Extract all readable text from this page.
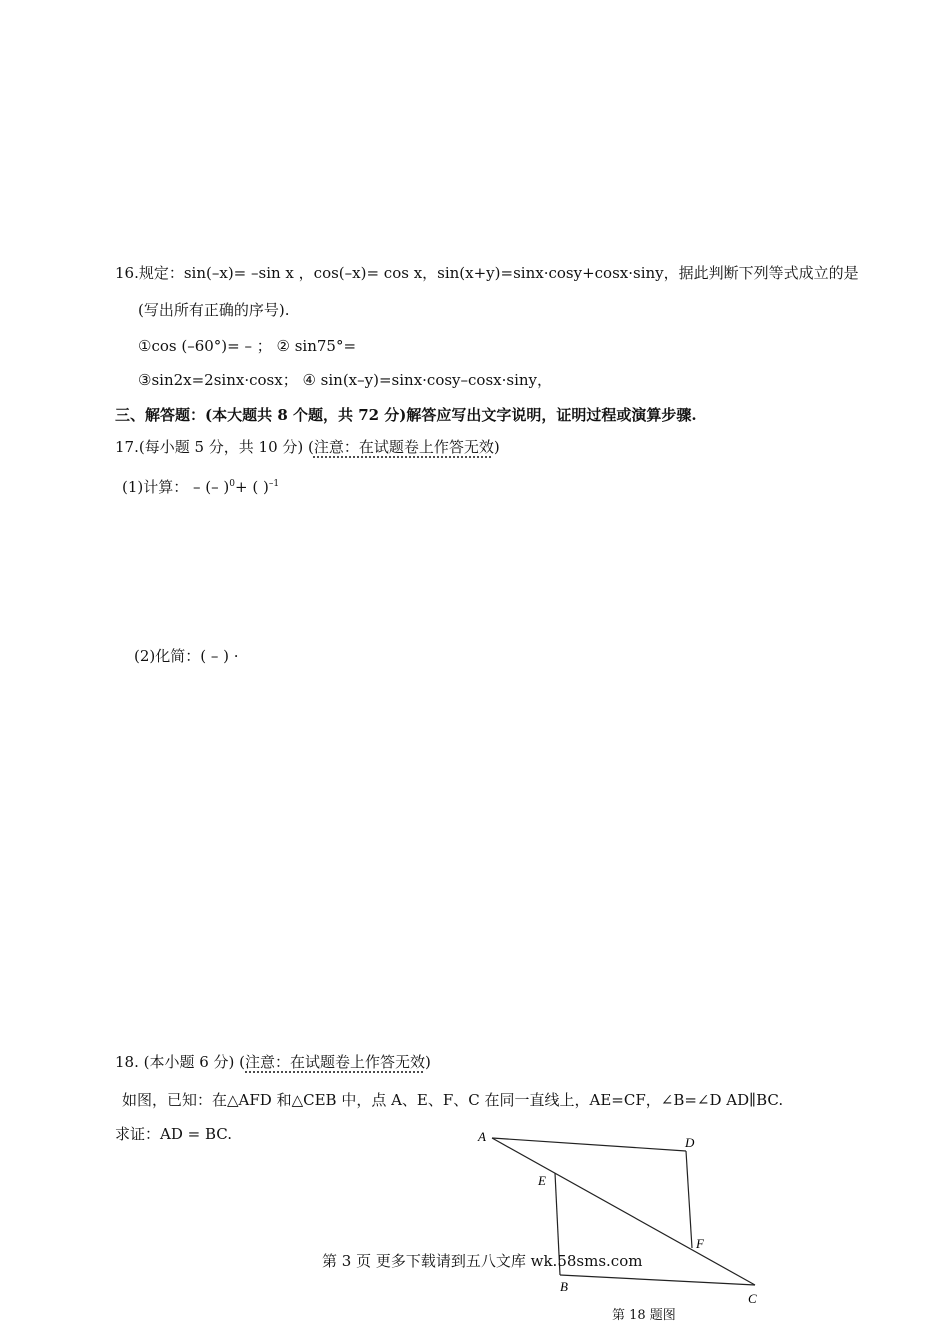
16.规定：sin(–x)= –sin x ，cos(–x)= cos x，sin(x+y)=sinx·cosy+cosx·siny，据此判断下列等式成立的是
(写出所有正确的序号).
①cos (–60°)= – ； ② sin75°=
③sin2x=2sinx·cosx； ④ sin(x–y)=sinx·cosy–cosx·siny，
三、解答题：(本大题共 8 个题，共 72 分)解答应写出文字说明，证明过程或演算步骤.
17.(每小题 5 分，共 10 分) (注意：在试题卷上作答无效)
(1)计算： – (– )$^0$+ ( )$^{-1}$
(2)化简：( – ) ·
18. (本小题 6 分) (注意：在试题卷上作答无效)
如图，已知：在△AFD 和△CEB 中，点 A、E、F、C 在同一直线上，AE=CF，∠B=∠D AD∥BC.
求证：AD = BC.	A	D
E
F
B
C
第 18 题图
第 3 页 更多下载请到五八文库 wk.58sms.com
